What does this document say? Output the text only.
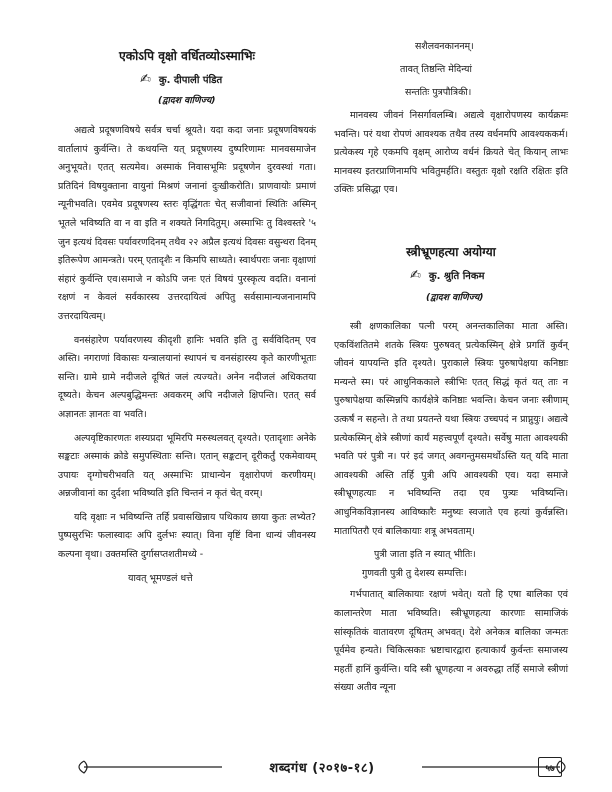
एकोऽपि वृक्षो वर्धितव्योऽस्माभिः
✍ कु. दीपाली पंडित
(द्वादश वाणिज्य)

अद्यत्वे प्रदूषणविषये सर्वत्र चर्चा श्रूयते। यदा कदा जनाः प्रदूषणविषयकं वार्तालापं कुर्वन्ति। ते कथयन्ति यत् प्रदूषणस्य दुष्परिणामः मानवसमाजेन अनुभूयते। एतत् सत्यमेव। अस्माकं निवासभूमिः प्रदूषणेन दुरवस्थां गता। प्रतिदिनं विषयुक्ताना वायुनां मिश्रणं जनानां दुःखीकरोति। प्राणवायोः प्रमाणं न्यूनीभवति। एवमेव प्रदूषणस्य स्तरः वृद्धिंगतः चेत् सजीवानां स्थितिः अस्मिन् भूतले भविष्यति वा न वा इति न शक्यते निगदितुम्। अस्माभिः तु विश्वस्तरे '५ जुन इत्यथं दिवसः पर्यावरणदिनम् तथैव २२ अप्रैल इत्यथं दिवसः वसुन्धरा दिनम् इतिरूपेण आमन्त्रते। परम् एतादृशैः न किमपि साध्यते। स्वार्थपराः जनाः वृक्षाणां संहारं कुर्वन्ति एव।समाजे न कोऽपि जनः एतं विषयं पुरस्कृत्य वदति। वनानां रक्षणं न केवलं सर्वकारस्य उत्तरदायित्वं अपितु सर्वसामान्यजनानामपि उत्तरदायित्वम्।

वनसंहारेण पर्यावरणस्य कीदृशी हानिः भवति इति तु सर्वविदितम् एव अस्ति। नगराणां विकासः यन्त्रालयानां स्थापनं च वनसंहारस्य कृते कारणीभूताः सन्ति। ग्रामे ग्रामे नदीजले दूषितं जलं त्यज्यते। अनेन नदीजलं अधिकतया दूष्यते। केचन अल्पबुद्धिमन्तः अवकरम् अपि नदीजले क्षिपन्ति। एतत् सर्व अज्ञानतः ज्ञानतः वा भवति।

अल्पवृष्टिकारणतः शस्यप्रदा भूमिरपि मरुस्थलवत् दृश्यते। एतादृशाः अनेके सङ्कटाः अस्माकं क्रोडे समुपस्थिताः सन्ति। एतान् सङ्कटान् दूरीकर्तुं एकमेवायम् उपायः दृग्गोचरीभवति यत् अस्माभिः प्राधान्येन वृक्षारोपणं करणीयम्। अन्नजीवानां का दुर्दशा भविष्यति इति चिन्तनं न कृतं चेत् वरम्।

यदि वृक्षाः न भविष्यन्ति तर्हि प्रवासखिन्नाय पथिकाय छाया कुतः लभ्येत? पुष्पसुरभिः फलास्वादः अपि दुर्लभः स्यात्। विना वृष्टिं विना धान्यं जीवनस्य कल्पना वृथा। उक्तमस्ति दुर्गासप्तशतीमध्ये -

यावत् भूमण्डलं धत्ते
सशैलवनकाननम्।
तावत् तिष्ठन्ति मेदिन्यां
सन्ततिः पुत्रपौत्रिकी।

मानवस्य जीवनं निसर्गावलम्बि। अद्यत्वे वृक्षारोपणस्य कार्यक्रमः भवन्ति। परं यथा रोपणं आवश्यक तथैव तस्य वर्धनमपि आवश्यककर्म। प्रत्येकस्य गृहे एकमपि वृक्षम् आरोप्य वर्धनं क्रियते चेत् कियान् लाभः मानवस्य इतरप्राणिनामपि भवितुमर्हति। वस्तुतः वृक्षो रक्षति रक्षितः इति उक्तिः प्रसिद्धा एव।

स्त्रीभ्रूणहत्या अयोग्या
✍ कु. श्रुति निकम
(द्वादश वाणिज्य)

स्त्री क्षणकालिका पत्नी परम् अनन्तकालिका माता अस्ति। एकविंशतितमे शतके स्त्रियः पुरुषवत् प्रत्येकस्मिन् क्षेत्रे प्रगतिं कुर्वन् जीवनं यापयन्ति इति दृश्यते। पुराकाले स्त्रियः पुरुषापेक्षया कनिष्ठाः मन्यन्ते स्म। परं आधुनिककाले स्त्रीभिः एतत् सिद्धं कृतं यत् ताः न पुरुषापेक्षया कस्मिन्नपि कार्यक्षेत्रे कनिष्ठाः भवन्ति। केचन जनाः स्त्रीणाम् उत्कर्षं न सहन्ते। ते तथा प्रयतन्ते यथा स्त्रियः उच्चपदं न प्राप्नुयुः। अद्यत्वे प्रत्येकस्मिन् क्षेत्रे स्त्रीणां कार्यं महत्त्वपूर्णं दृश्यते। सर्वेषु माता आवश्यकी भवति परं पुत्री न। परं इदं जगत् अवगन्तुमसमर्थोऽस्ति यत् यदि माता आवश्यकी अस्ति तर्हि पुत्री अपि आवश्यकी एव। यदा समाजे स्त्रीभ्रूणहत्याः न भविष्यन्ति तदा एव पुत्र्यः भविष्यन्ति। आधुनिकविज्ञानस्य आविष्कारैः मनुष्यः स्वजाते एव हत्यां कुर्वन्नस्ति। मातापितरौ एवं बालिकायाः शत्रू अभवताम्।

पुत्री जाता इति न स्यात् भीतिः।
गुणवती पुत्री तु देशस्य सम्पत्तिः।

गर्भपातात् बालिकायाः रक्षणं भवेत्। यतो हि एषा बालिका एवं कालान्तरेण माता भविष्यति। स्त्रीभ्रूणहत्या कारणाः सामाजिकं सांस्कृतिकं वातावरण दूषितम् अभवत्। देशे अनेकत्र बालिका जन्मतः पूर्वमेव हन्यते। चिकित्सकाः भ्रष्टाचारद्वारा हत्याकार्यं कुर्वन्तः समाजस्य महतीं हानिं कुर्वन्ति। यदि स्त्री भ्रूणहत्या न अवरुद्धा तर्हि समाजे स्त्रीणां संख्या अतीव न्यूना

शब्दगंध (२०१७-१८)	५७
